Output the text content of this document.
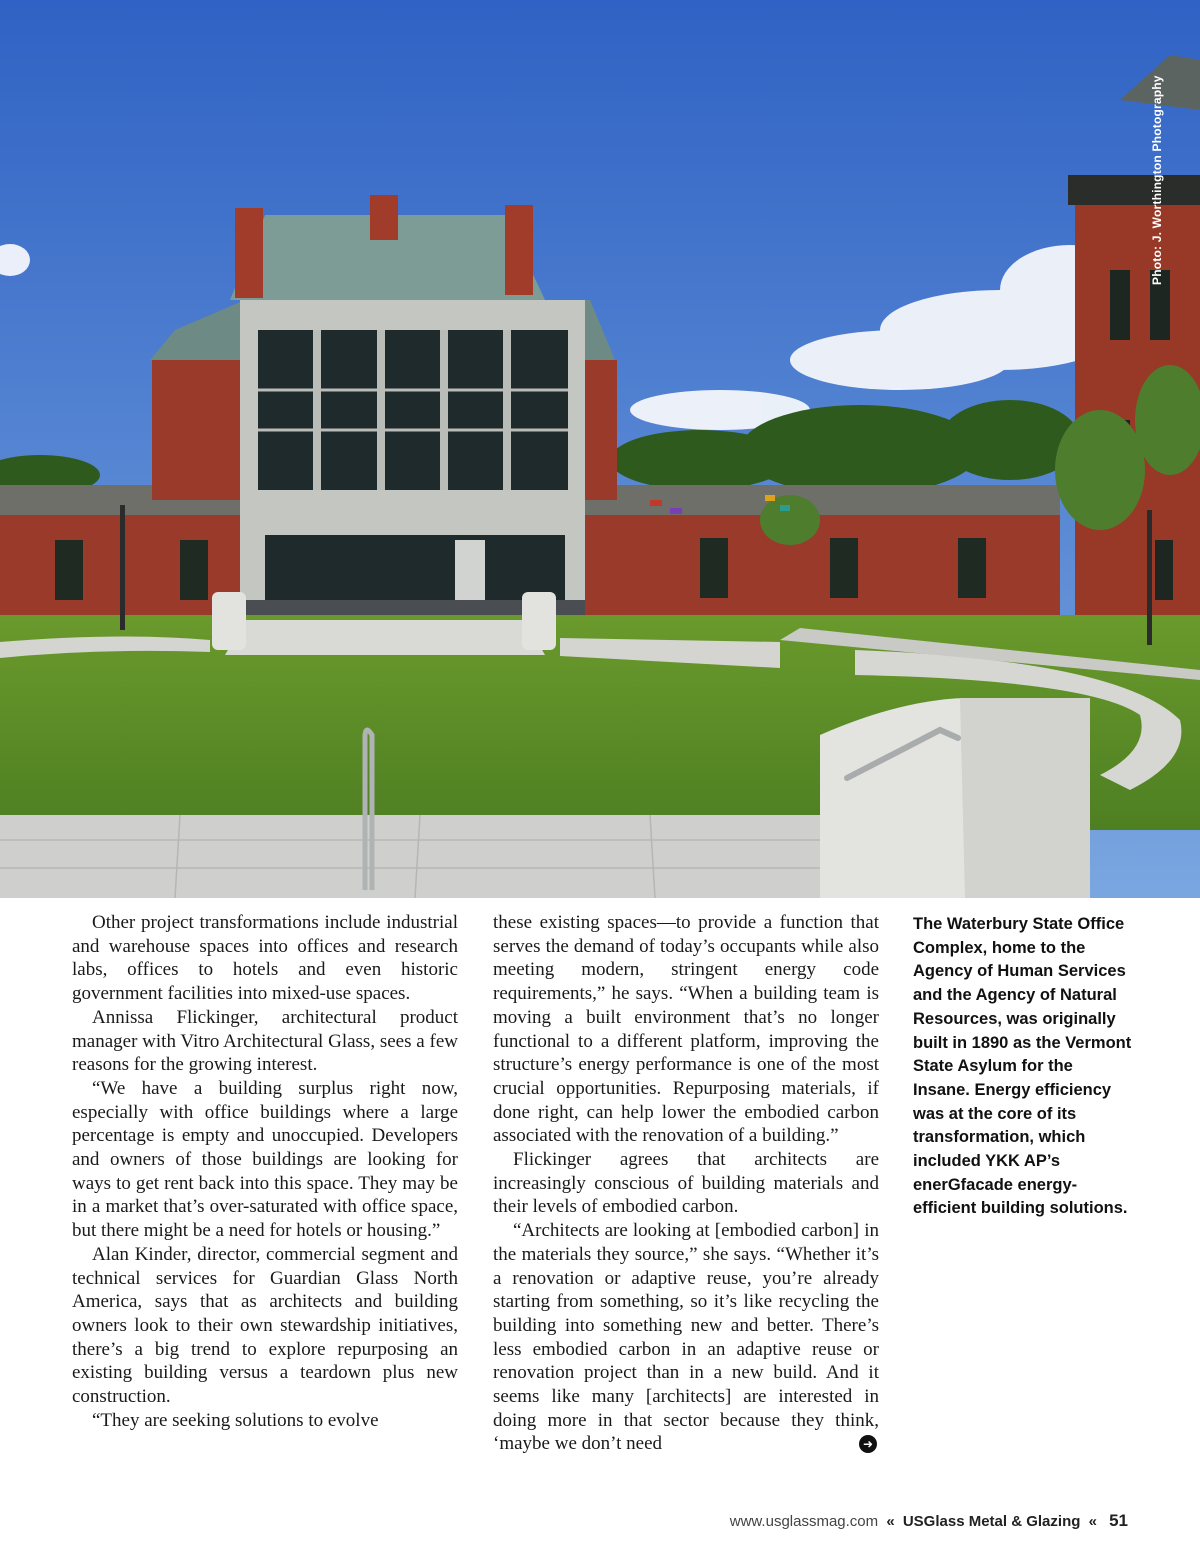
Photo: J. Worthington Photography

Other project transformations include industrial and warehouse spaces into offices and research labs, offices to hotels and even historic government facilities into mixed-use spaces.

Annissa Flickinger, architectural product manager with Vitro Architectural Glass, sees a few reasons for the growing interest.

“We have a building surplus right now, especially with office buildings where a large percentage is empty and unoccupied. Developers and owners of those buildings are looking for ways to get rent back into this space. They may be in a market that’s over-saturated with office space, but there might be a need for hotels or housing.”

Alan Kinder, director, commercial segment and technical services for Guardian Glass North America, says that as architects and building owners look to their own stewardship initiatives, there’s a big trend to explore repurposing an existing building versus a teardown plus new construction.

“They are seeking solutions to evolve

these existing spaces—to provide a function that serves the demand of today’s occupants while also meeting modern, stringent energy code requirements,” he says. “When a building team is moving a built environment that’s no longer functional to a different platform, improving the structure’s energy performance is one of the most crucial opportunities. Repurposing materials, if done right, can help lower the embodied carbon associated with the renovation of a building.”

Flickinger agrees that architects are increasingly conscious of building materials and their levels of embodied carbon.

“Architects are looking at [embodied carbon] in the materials they source,” she says. “Whether it’s a renovation or adaptive reuse, you’re already starting from something, so it’s like recycling the building into something new and better. There’s less embodied carbon in an adaptive reuse or renovation project than in a new build. And it seems like many [architects] are interested in doing more in that sector because they think, ‘maybe we don’t need	➜
The Waterbury State Office Complex, home to the Agency of Human Services and the Agency of Natural Resources, was originally built in 1890 as the Vermont State Asylum for the Insane. Energy efficiency was at the core of its transformation, which included YKK AP’s enerGfacade energy-efficient building solutions.
www.usglassmag.com « USGlass Metal & Glazing « 51
